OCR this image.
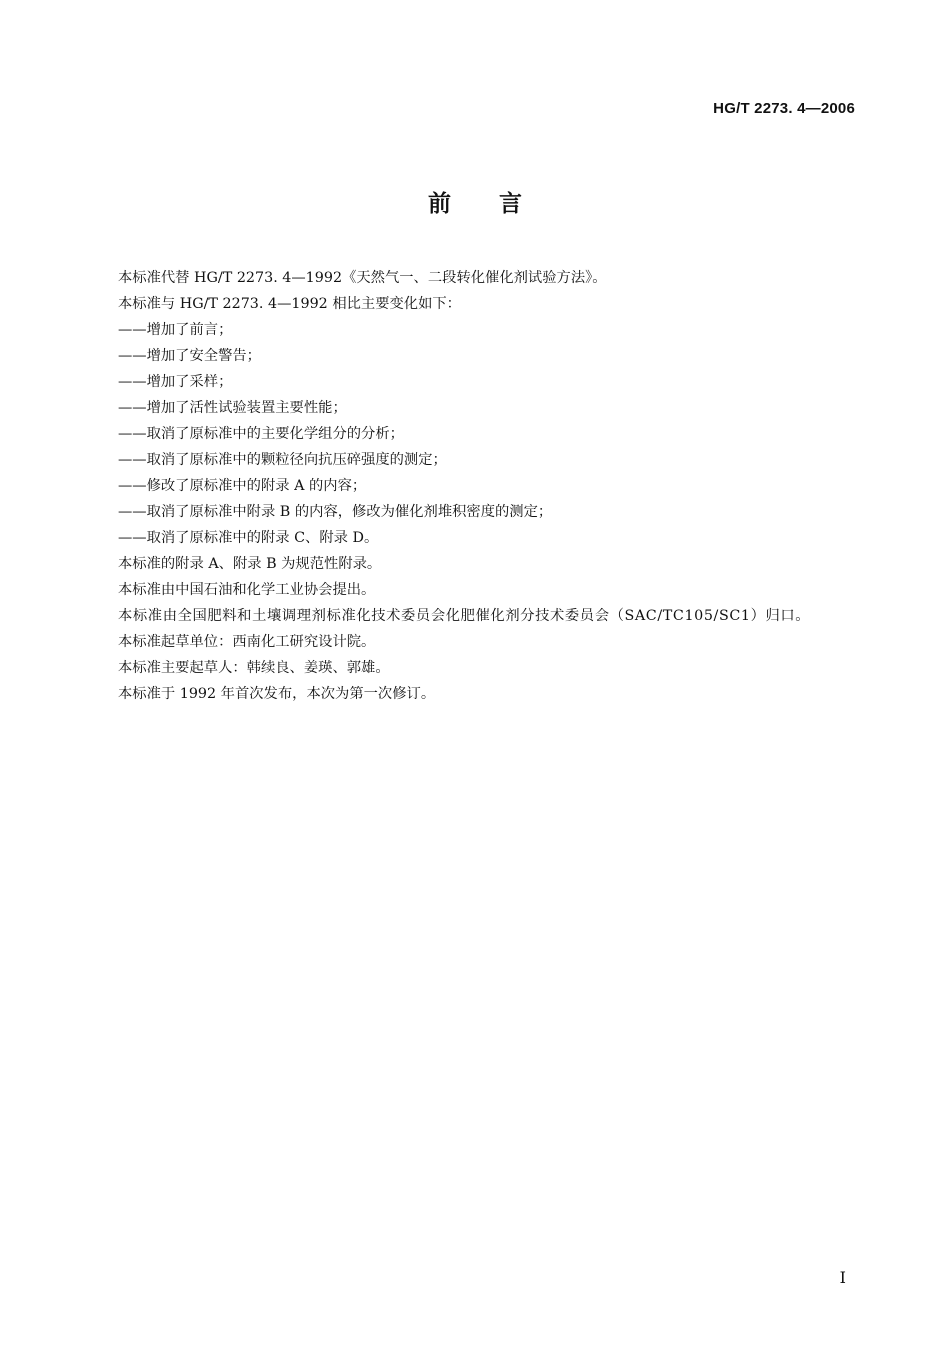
HG/T 2273. 4—2006
前言

本标准代替 HG/T 2273. 4—1992《天然气一、二段转化催化剂试验方法》。

本标准与 HG/T 2273. 4—1992 相比主要变化如下：

——增加了前言；

——增加了安全警告；

——增加了采样；

——增加了活性试验装置主要性能；

——取消了原标准中的主要化学组分的分析；

——取消了原标准中的颗粒径向抗压碎强度的测定；

——修改了原标准中的附录 A 的内容；

——取消了原标准中附录 B 的内容，修改为催化剂堆积密度的测定；

——取消了原标准中的附录 C、附录 D。

本标准的附录 A、附录 B 为规范性附录。

本标准由中国石油和化学工业协会提出。

本标准由全国肥料和土壤调理剂标准化技术委员会化肥催化剂分技术委员会（SAC/TC105/SC1）归口。

本标准起草单位：西南化工研究设计院。

本标准主要起草人：韩续良、姜瑛、郭雄。

本标准于 1992 年首次发布，本次为第一次修订。

I
